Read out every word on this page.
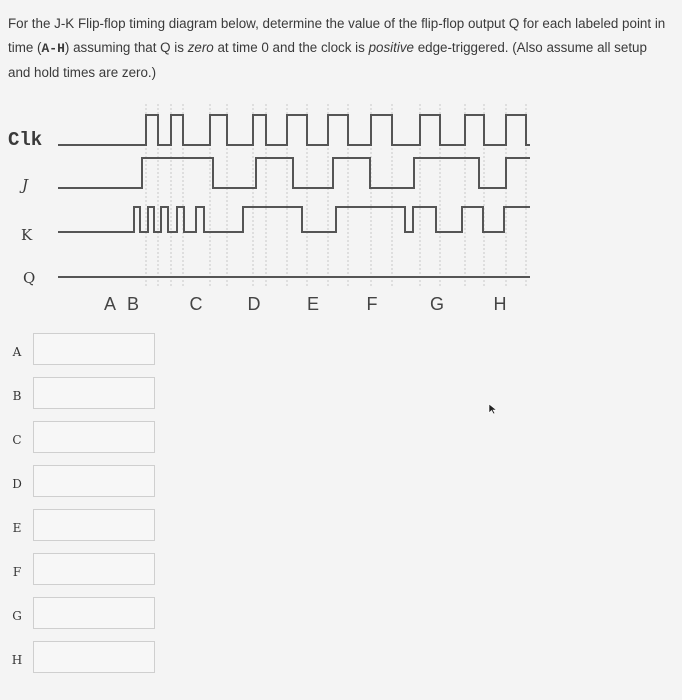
For the J-K Flip-flop timing diagram below, determine the value of the flip-flop output Q for each labeled point in time (A-H) assuming that Q is zero at time 0 and the clock is positive edge-triggered. (Also assume all setup and hold times are zero.)
Clk
J
K
Q
A B	C	D	E	F	G	H
A
B
C
D
E
F
G
H
